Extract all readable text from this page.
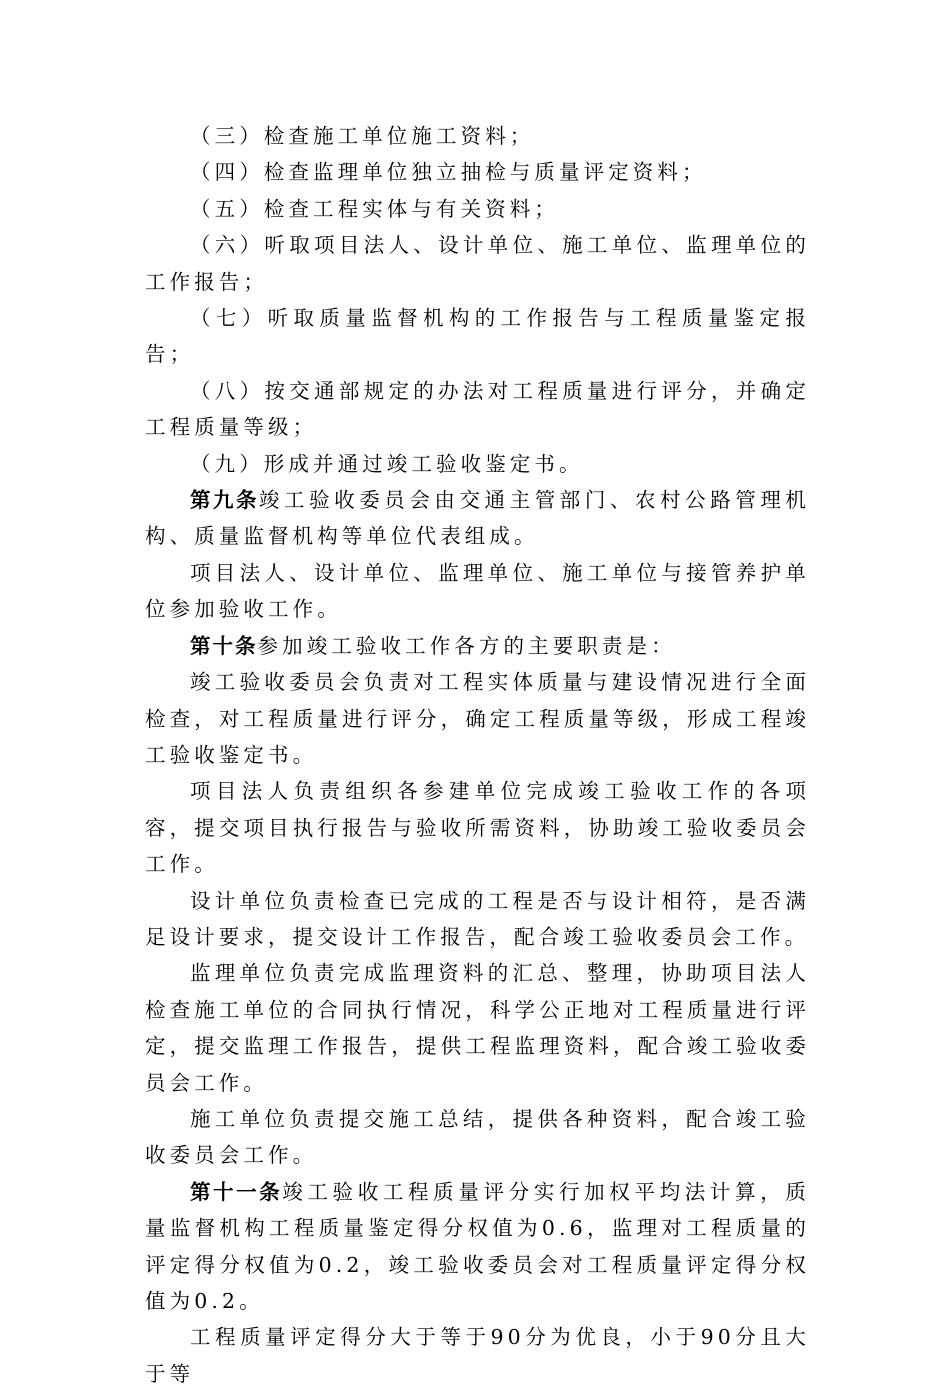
（三）检查施工单位施工资料；

（四）检查监理单位独立抽检与质量评定资料；

（五）检查工程实体与有关资料；

（六）听取项目法人、设计单位、施工单位、监理单位的工作报告；

（七）听取质量监督机构的工作报告与工程质量鉴定报告；

（八）按交通部规定的办法对工程质量进行评分，并确定工程质量等级；

（九）形成并通过竣工验收鉴定书。

第九条竣工验收委员会由交通主管部门、农村公路管理机构、质量监督机构等单位代表组成。

项目法人、设计单位、监理单位、施工单位与接管养护单位参加验收工作。

第十条参加竣工验收工作各方的主要职责是：

竣工验收委员会负责对工程实体质量与建设情况进行全面检查，对工程质量进行评分，确定工程质量等级，形成工程竣工验收鉴定书。

项目法人负责组织各参建单位完成竣工验收工作的各项容，提交项目执行报告与验收所需资料，协助竣工验收委员会工作。

设计单位负责检查已完成的工程是否与设计相符，是否满足设计要求，提交设计工作报告，配合竣工验收委员会工作。

监理单位负责完成监理资料的汇总、整理，协助项目法人检查施工单位的合同执行情况，科学公正地对工程质量进行评定，提交监理工作报告，提供工程监理资料，配合竣工验收委员会工作。

施工单位负责提交施工总结，提供各种资料，配合竣工验收委员会工作。

第十一条竣工验收工程质量评分实行加权平均法计算，质量监督机构工程质量鉴定得分权值为0.6，监理对工程质量的评定得分权值为0.2，竣工验收委员会对工程质量评定得分权值为0.2。

工程质量评定得分大于等于90分为优良，小于90分且大于等
